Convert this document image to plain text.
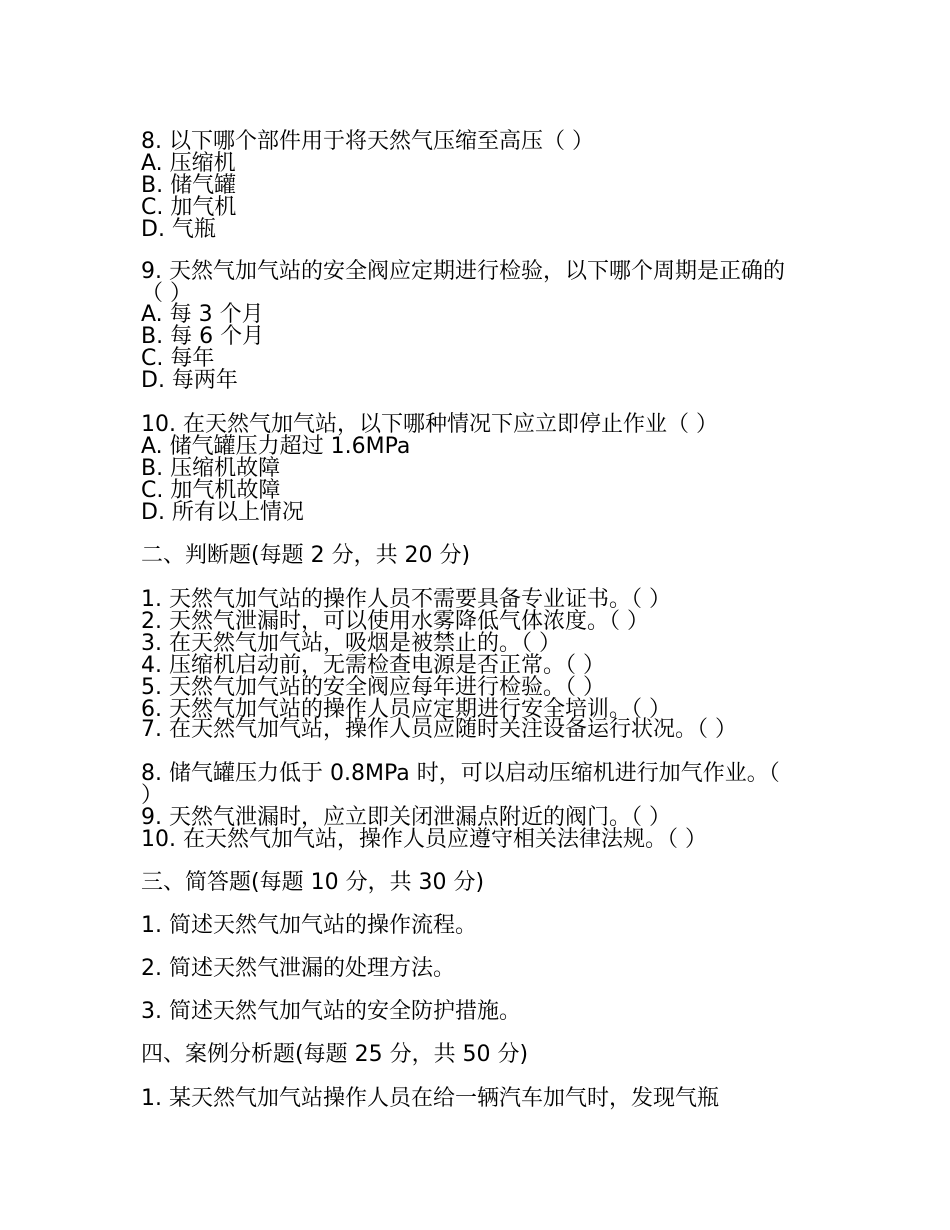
8. 以下哪个部件用于将天然气压缩至高压（ ）

A. 压缩机

B. 储气罐

C. 加气机

D. 气瓶

9. 天然气加气站的安全阀应定期进行检验，以下哪个周期是正确的（ ）

A. 每 3 个月

B. 每 6 个月

C. 每年

D. 每两年

10. 在天然气加气站，以下哪种情况下应立即停止作业（ ）

A. 储气罐压力超过 1.6MPa

B. 压缩机故障

C. 加气机故障

D. 所有以上情况

二、判断题(每题 2 分，共 20 分)

1. 天然气加气站的操作人员不需要具备专业证书。（ ）

2. 天然气泄漏时，可以使用水雾降低气体浓度。（ ）

3. 在天然气加气站，吸烟是被禁止的。（ ）

4. 压缩机启动前，无需检查电源是否正常。（ ）

5. 天然气加气站的安全阀应每年进行检验。（ ）

6. 天然气加气站的操作人员应定期进行安全培训。（ ）

7. 在天然气加气站，操作人员应随时关注设备运行状况。（ ）

8. 储气罐压力低于 0.8MPa 时，可以启动压缩机进行加气作业。（ ）

9. 天然气泄漏时，应立即关闭泄漏点附近的阀门。（ ）

10. 在天然气加气站，操作人员应遵守相关法律法规。（ ）

三、简答题(每题 10 分，共 30 分)

1. 简述天然气加气站的操作流程。

2. 简述天然气泄漏的处理方法。

3. 简述天然气加气站的安全防护措施。

四、案例分析题(每题 25 分，共 50 分)

1. 某天然气加气站操作人员在给一辆汽车加气时，发现气瓶
